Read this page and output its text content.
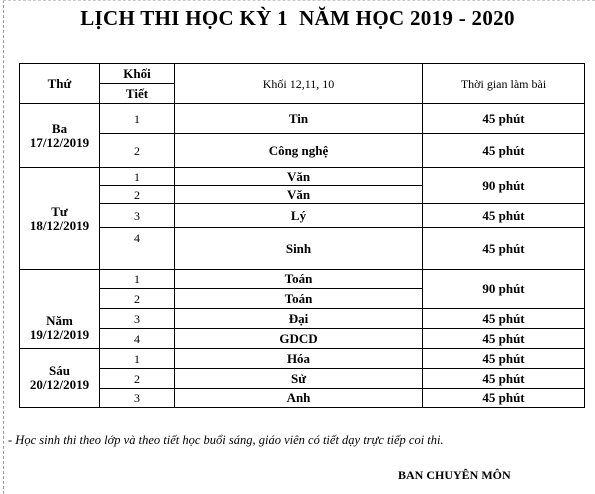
LỊCH THI HỌC KỲ 1  NĂM HỌC 2019 - 2020
Thứ	Khối	Khối 12,11, 10	Thời gian làm bài
	Tiết		
Ba
17/12/2019	1	Tin	45 phút
	2	Công nghệ	45 phút
Tư
18/12/2019	1	Văn	90 phút
	2	Văn	
	3	Lý	45 phút
	4	Sinh	45 phút
Năm
19/12/2019	1	Toán	90 phút
	2	Toán	
	3	Đại	45 phút
	4	GDCD	45 phút
Sáu
20/12/2019	1	Hóa	45 phút
	2	Sử	45 phút
	3	Anh	45 phút
- Học sinh thi theo lớp và theo tiết học buổi sáng, giáo viên có tiết dạy trực tiếp coi thi.
BAN CHUYÊN MÔN
